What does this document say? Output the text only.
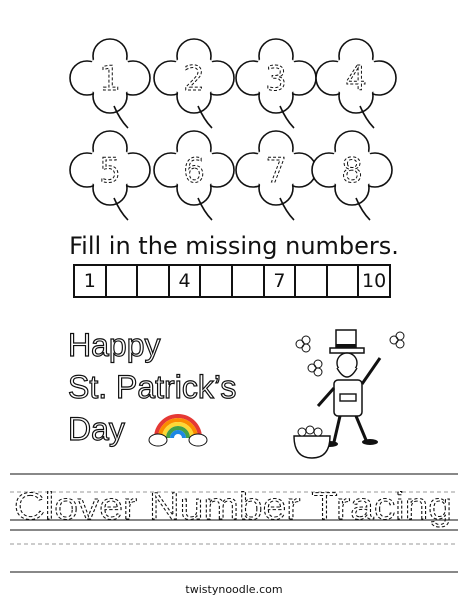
1 2 3 4
5 6 7 8
Fill in the missing numbers.
1	4	7	10
Happy
St. Patrick’s
Day
Clover Number Tracing
twistynoodle.com
